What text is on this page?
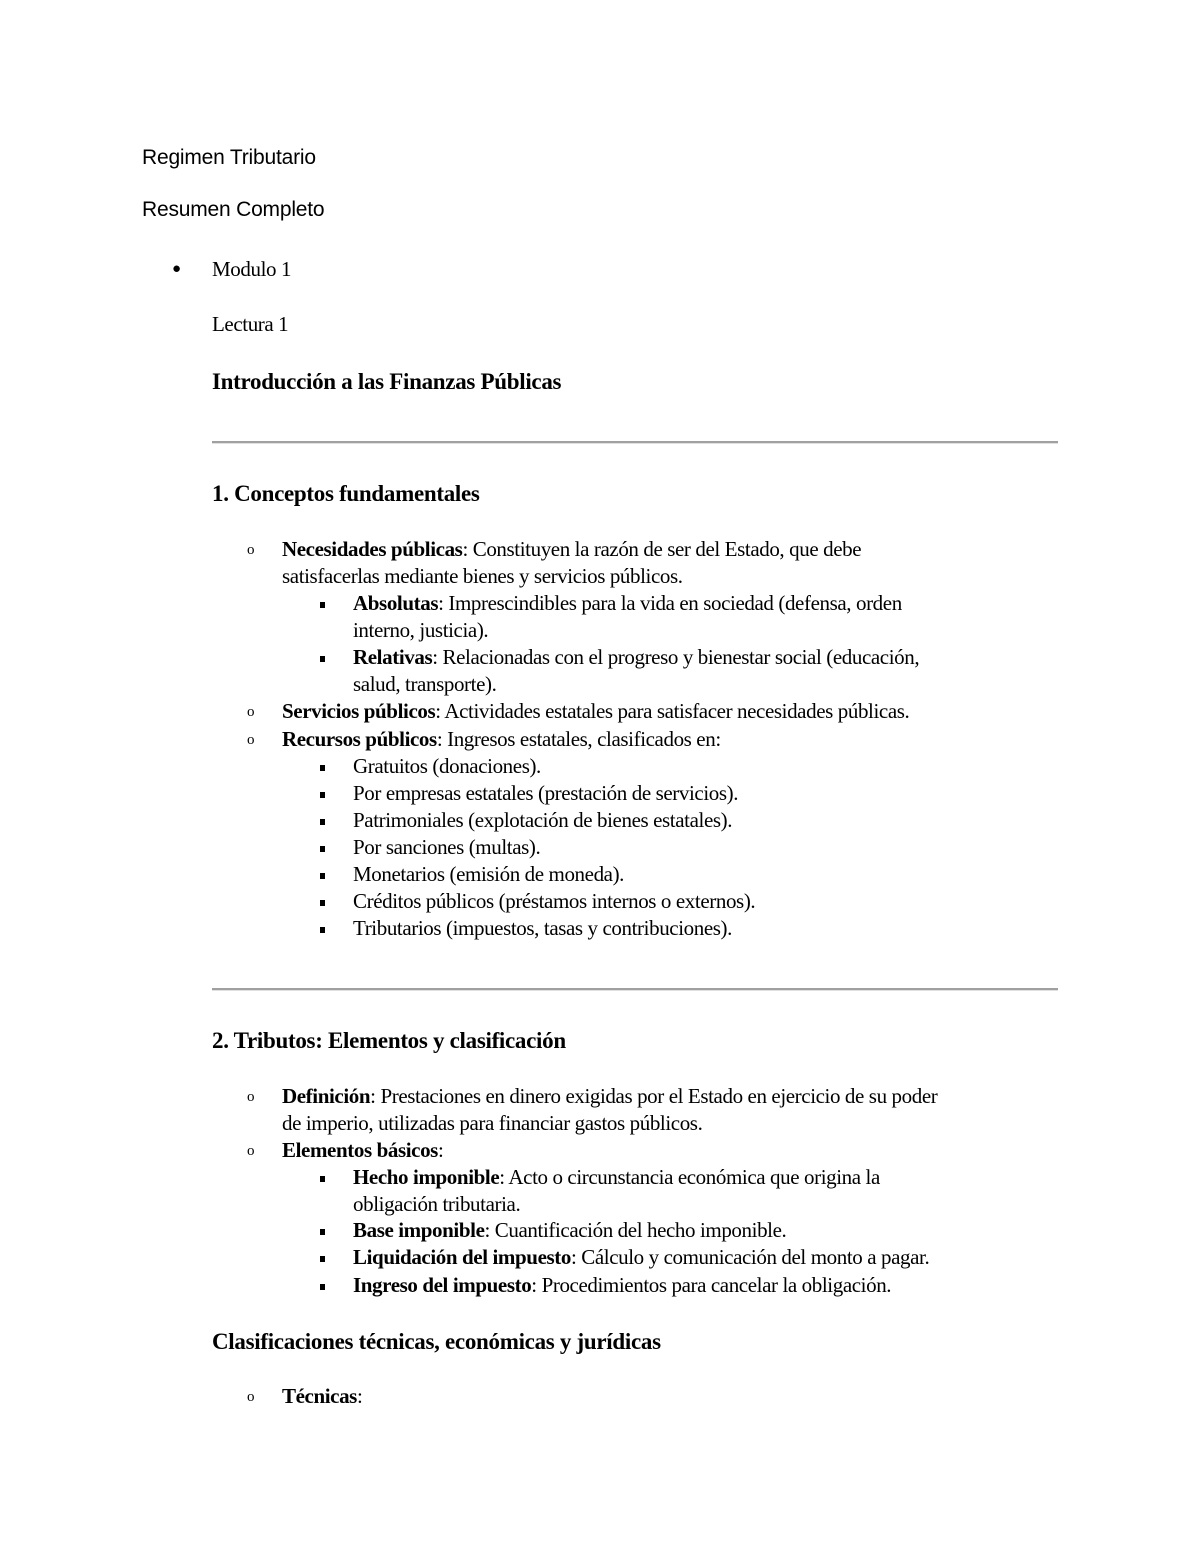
Regimen Tributario
Resumen Completo
● Modulo 1
Lectura 1
Introducción a las Finanzas Públicas
1. Conceptos fundamentales
o Necesidades públicas: Constituyen la razón de ser del Estado, que debe
satisfacerlas mediante bienes y servicios públicos.
Absolutas: Imprescindibles para la vida en sociedad (defensa, orden
interno, justicia).
Relativas: Relacionadas con el progreso y bienestar social (educación,
salud, transporte).
o Servicios públicos: Actividades estatales para satisfacer necesidades públicas.
o Recursos públicos: Ingresos estatales, clasificados en:
Gratuitos (donaciones).
Por empresas estatales (prestación de servicios).
Patrimoniales (explotación de bienes estatales).
Por sanciones (multas).
Monetarios (emisión de moneda).
Créditos públicos (préstamos internos o externos).
Tributarios (impuestos, tasas y contribuciones).
2. Tributos: Elementos y clasificación
o Definición: Prestaciones en dinero exigidas por el Estado en ejercicio de su poder
de imperio, utilizadas para financiar gastos públicos.
o Elementos básicos:
Hecho imponible: Acto o circunstancia económica que origina la
obligación tributaria.
Base imponible: Cuantificación del hecho imponible.
Liquidación del impuesto: Cálculo y comunicación del monto a pagar.
Ingreso del impuesto: Procedimientos para cancelar la obligación.
Clasificaciones técnicas, económicas y jurídicas
o Técnicas:
